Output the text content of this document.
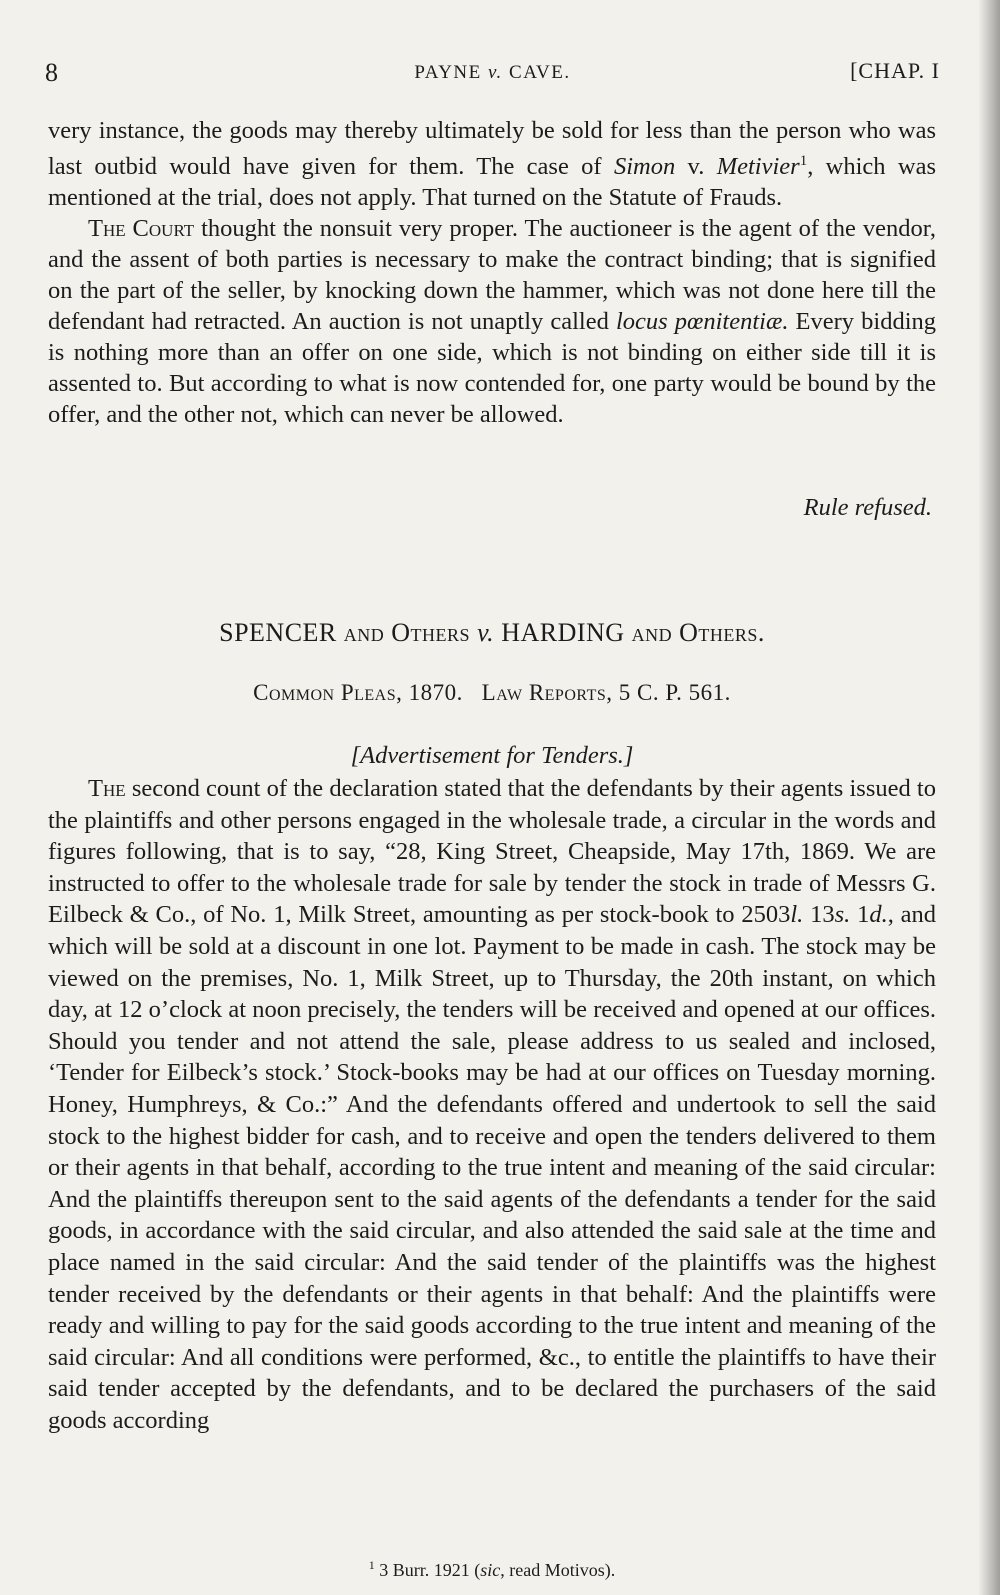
8	PAYNE v. CAVE.	[CHAP. I

very instance, the goods may thereby ultimately be sold for less than the person who was last outbid would have given for them. The case of Simon v. Metivier$^1$, which was mentioned at the trial, does not apply. That turned on the Statute of Frauds.

The Court thought the nonsuit very proper. The auctioneer is the agent of the vendor, and the assent of both parties is necessary to make the contract binding; that is signified on the part of the seller, by knocking down the hammer, which was not done here till the defendant had retracted. An auction is not unaptly called locus pœnitentiæ. Every bidding is nothing more than an offer on one side, which is not binding on either side till it is assented to. But according to what is now contended for, one party would be bound by the offer, and the other not, which can never be allowed.

Rule refused.
SPENCER and Others v. HARDING and Others.
Common Pleas, 1870. Law Reports, 5 C. P. 561.
[Advertisement for Tenders.]

The second count of the declaration stated that the defendants by their agents issued to the plaintiffs and other persons engaged in the wholesale trade, a circular in the words and figures following, that is to say, “28, King Street, Cheapside, May 17th, 1869. We are instructed to offer to the wholesale trade for sale by tender the stock in trade of Messrs G. Eilbeck & Co., of No. 1, Milk Street, amounting as per stock-book to 2503l. 13s. 1d., and which will be sold at a discount in one lot. Payment to be made in cash. The stock may be viewed on the premises, No. 1, Milk Street, up to Thursday, the 20th instant, on which day, at 12 o’clock at noon precisely, the tenders will be received and opened at our offices. Should you tender and not attend the sale, please address to us sealed and inclosed, ‘Tender for Eilbeck’s stock.’ Stock-books may be had at our offices on Tuesday morning. Honey, Humphreys, & Co.:” And the defendants offered and undertook to sell the said stock to the highest bidder for cash, and to receive and open the tenders delivered to them or their agents in that behalf, according to the true intent and meaning of the said circular: And the plaintiffs thereupon sent to the said agents of the defendants a tender for the said goods, in accordance with the said circular, and also attended the said sale at the time and place named in the said circular: And the said tender of the plaintiffs was the highest tender received by the defendants or their agents in that behalf: And the plaintiffs were ready and willing to pay for the said goods according to the true intent and meaning of the said circular: And all conditions were performed, &c., to entitle the plaintiffs to have their said tender accepted by the defendants, and to be declared the purchasers of the said goods according

$^1$ 3 Burr. 1921 (sic, read Motivos).
